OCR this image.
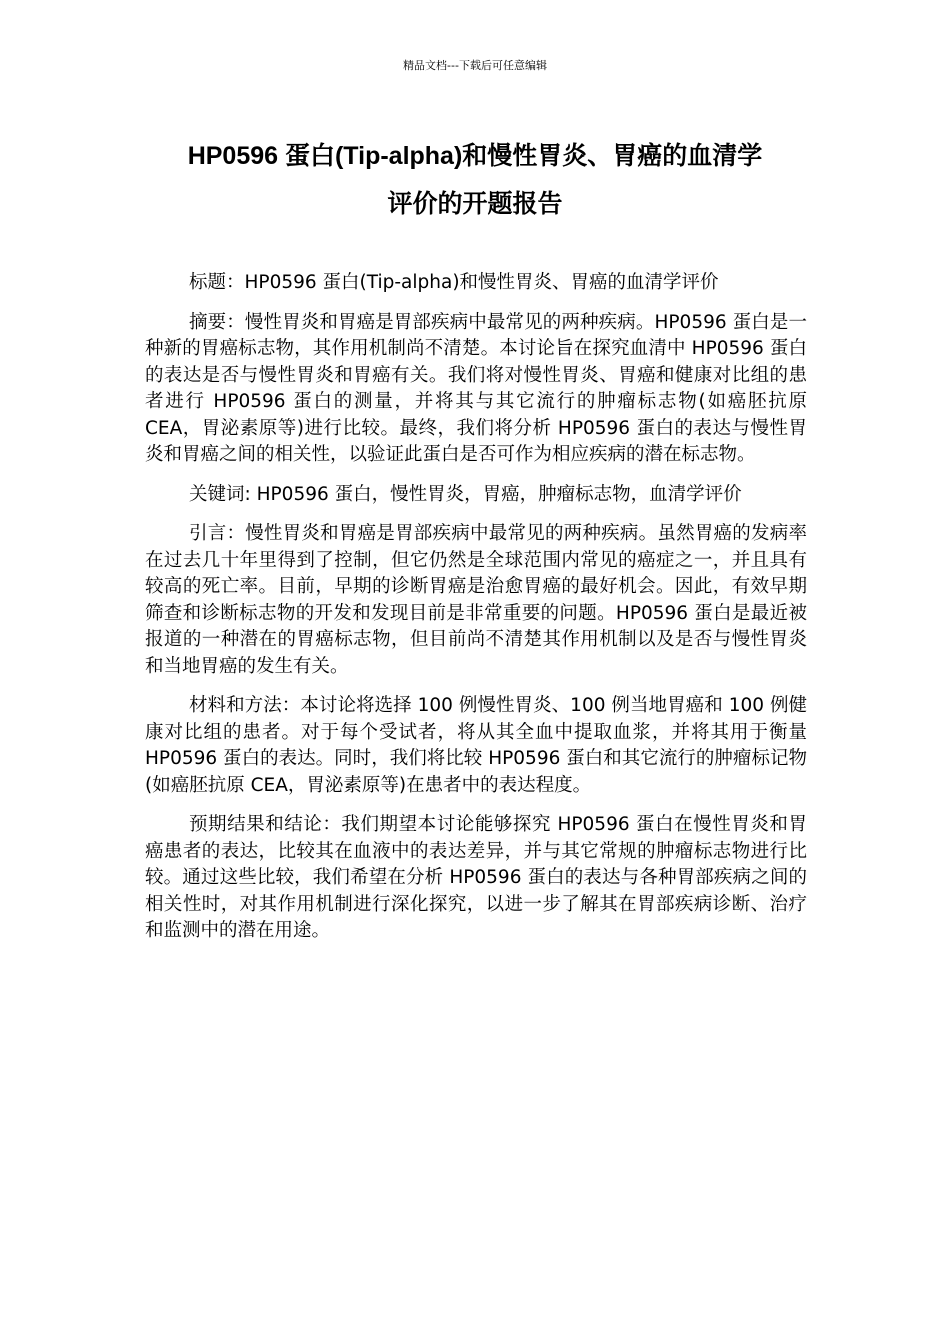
精品文档---下载后可任意编辑
HP0596 蛋白(Tip-alpha)和慢性胃炎、胃癌的血清学
评价的开题报告

标题：HP0596 蛋白(Tip-alpha)和慢性胃炎、胃癌的血清学评价

摘要：慢性胃炎和胃癌是胃部疾病中最常见的两种疾病。HP0596 蛋白是一种新的胃癌标志物，其作用机制尚不清楚。本讨论旨在探究血清中 HP0596 蛋白的表达是否与慢性胃炎和胃癌有关。我们将对慢性胃炎、胃癌和健康对比组的患者进行 HP0596 蛋白的测量，并将其与其它流行的肿瘤标志物(如癌胚抗原 CEA，胃泌素原等)进行比较。最终，我们将分析 HP0596 蛋白的表达与慢性胃炎和胃癌之间的相关性，以验证此蛋白是否可作为相应疾病的潜在标志物。

关键词: HP0596 蛋白，慢性胃炎，胃癌，肿瘤标志物，血清学评价

引言：慢性胃炎和胃癌是胃部疾病中最常见的两种疾病。虽然胃癌的发病率在过去几十年里得到了控制，但它仍然是全球范围内常见的癌症之一，并且具有较高的死亡率。目前，早期的诊断胃癌是治愈胃癌的最好机会。因此，有效早期筛查和诊断标志物的开发和发现目前是非常重要的问题。HP0596 蛋白是最近被报道的一种潜在的胃癌标志物，但目前尚不清楚其作用机制以及是否与慢性胃炎和当地胃癌的发生有关。

材料和方法：本讨论将选择 100 例慢性胃炎、100 例当地胃癌和 100 例健康对比组的患者。对于每个受试者，将从其全血中提取血浆，并将其用于衡量 HP0596 蛋白的表达。同时，我们将比较 HP0596 蛋白和其它流行的肿瘤标记物(如癌胚抗原 CEA，胃泌素原等)在患者中的表达程度。

预期结果和结论：我们期望本讨论能够探究 HP0596 蛋白在慢性胃炎和胃癌患者的表达，比较其在血液中的表达差异，并与其它常规的肿瘤标志物进行比较。通过这些比较，我们希望在分析 HP0596 蛋白的表达与各种胃部疾病之间的相关性时，对其作用机制进行深化探究，以进一步了解其在胃部疾病诊断、治疗和监测中的潜在用途。
